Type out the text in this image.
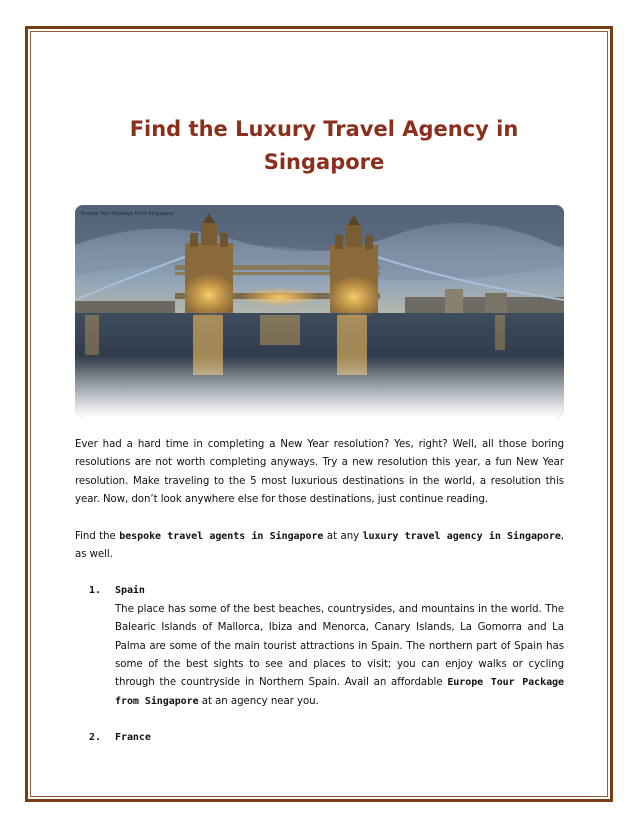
Find the Luxury Travel Agency in Singapore
Europe Tour Package From Singapore

Ever had a hard time in completing a New Year resolution? Yes, right? Well, all those boring resolutions are not worth completing anyways. Try a new resolution this year, a fun New Year resolution. Make traveling to the 5 most luxurious destinations in the world, a resolution this year. Now, don’t look anywhere else for those destinations, just continue reading.

Find the bespoke travel agents in Singapore at any luxury travel agency in Singapore, as well.

1. Spain
The place has some of the best beaches, countrysides, and mountains in the world. The Balearic Islands of Mallorca, Ibiza and Menorca, Canary Islands, La Gomorra and La Palma are some of the main tourist attractions in Spain. The northern part of Spain has some of the best sights to see and places to visit; you can enjoy walks or cycling through the countryside in Northern Spain. Avail an affordable Europe Tour Package from Singapore at an agency near you.
2. France
